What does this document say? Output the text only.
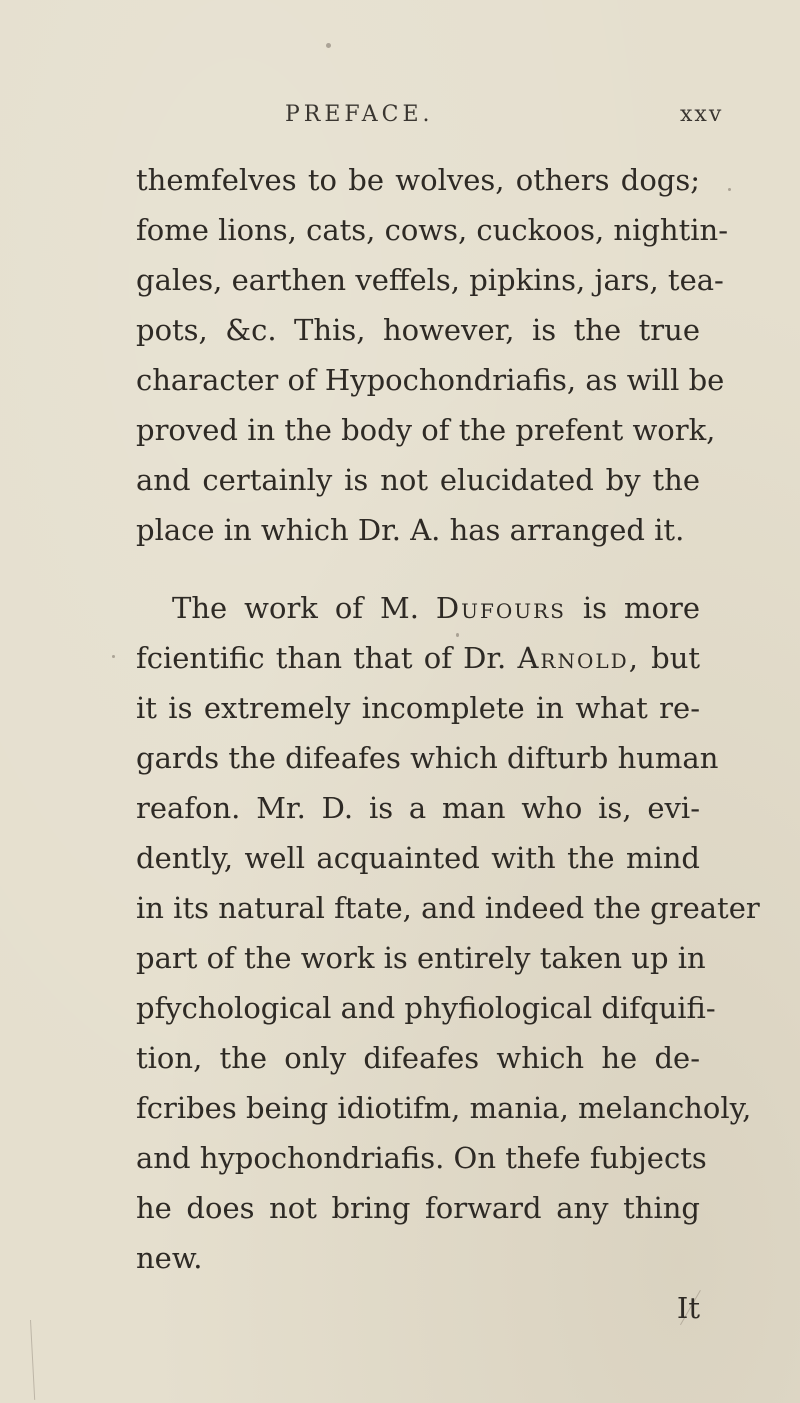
PREFACE.	xxv
themfelves to be wolves, others dogs;
fome lions, cats, cows, cuckoos, nightin-
gales, earthen veffels, pipkins, jars, tea-
pots, &c. This, however, is the true
character of Hypochondriafis, as will be
proved in the body of the prefent work,
and certainly is not elucidated by the
place in which Dr. A. has arranged it.
The work of M. Dufours is more
fcientific than that of Dr. Arnold, but
it is extremely incomplete in what re-
gards the difeafes which difturb human
reafon. Mr. D. is a man who is, evi-
dently, well acquainted with the mind
in its natural ftate, and indeed the greater
part of the work is entirely taken up in
pfychological and phyfiological difquifi-
tion, the only difeafes which he de-
fcribes being idiotifm, mania, melancholy,
and hypochondriafis. On thefe fubjects
he does not bring forward any thing
new.
It
